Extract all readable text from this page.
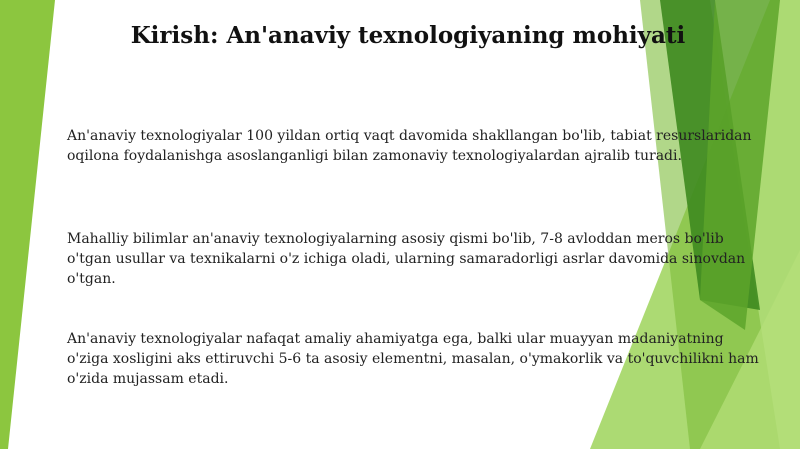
Kirish: An'anaviy texnologiyaning mohiyati
An'anaviy texnologiyalar 100 yildan ortiq vaqt davomida shakllangan bo'lib, tabiat resurslaridan oqilona foydalanishga asoslanganligi bilan zamonaviy texnologiyalardan ajralib turadi.
Mahalliy bilimlar an'anaviy texnologiyalarning asosiy qismi bo'lib, 7-8 avloddan meros bo'lib o'tgan usullar va texnikalarni o'z ichiga oladi, ularning samaradorligi asrlar davomida sinovdan o'tgan.
An'anaviy texnologiyalar nafaqat amaliy ahamiyatga ega, balki ular muayyan madaniyatning o'ziga xosligini aks ettiruvchi 5-6 ta asosiy elementni, masalan, o'ymakorlik va to'quvchilikni ham o'zida mujassam etadi.
